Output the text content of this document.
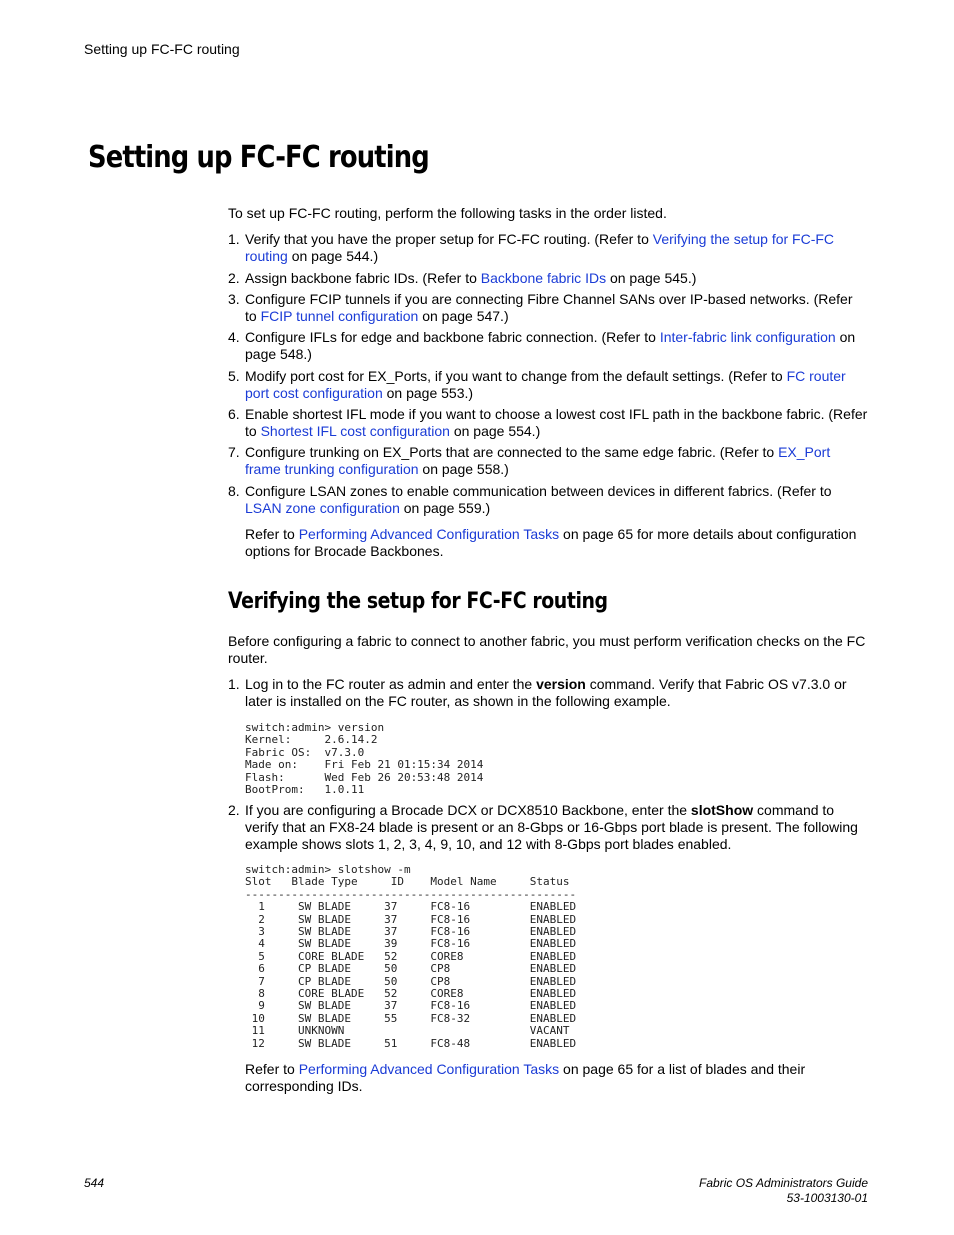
Setting up FC-FC routing
Setting up FC-FC routing
To set up FC-FC routing, perform the following tasks in the order listed.
1. Verify that you have the proper setup for FC-FC routing. (Refer to Verifying the setup for FC-FC routing on page 544.)
2. Assign backbone fabric IDs. (Refer to Backbone fabric IDs on page 545.)
3. Configure FCIP tunnels if you are connecting Fibre Channel SANs over IP-based networks. (Refer to FCIP tunnel configuration on page 547.)
4. Configure IFLs for edge and backbone fabric connection. (Refer to Inter-fabric link configuration on page 548.)
5. Modify port cost for EX_Ports, if you want to change from the default settings. (Refer to FC router port cost configuration on page 553.)
6. Enable shortest IFL mode if you want to choose a lowest cost IFL path in the backbone fabric. (Refer to Shortest IFL cost configuration on page 554.)
7. Configure trunking on EX_Ports that are connected to the same edge fabric. (Refer to EX_Port frame trunking configuration on page 558.)
8. Configure LSAN zones to enable communication between devices in different fabrics. (Refer to LSAN zone configuration on page 559.)
Refer to Performing Advanced Configuration Tasks on page 65 for more details about configuration options for Brocade Backbones.
Verifying the setup for FC-FC routing
Before configuring a fabric to connect to another fabric, you must perform verification checks on the FC router.
1. Log in to the FC router as admin and enter the version command. Verify that Fabric OS v7.3.0 or later is installed on the FC router, as shown in the following example.
switch:admin> version
Kernel:     2.6.14.2
Fabric OS:  v7.3.0
Made on:    Fri Feb 21 01:15:34 2014
Flash:      Wed Feb 26 20:53:48 2014
BootProm:   1.0.11
2. If you are configuring a Brocade DCX or DCX8510 Backbone, enter the slotShow command to verify that an FX8-24 blade is present or an 8-Gbps or 16-Gbps port blade is present. The following example shows slots 1, 2, 3, 4, 9, 10, and 12 with 8-Gbps port blades enabled.
switch:admin> slotshow -m
Slot   Blade Type     ID    Model Name     Status
--------------------------------------------------
1     SW BLADE     37     FC8-16         ENABLED
2     SW BLADE     37     FC8-16         ENABLED
3     SW BLADE     37     FC8-16         ENABLED
4     SW BLADE     39     FC8-16         ENABLED
5     CORE BLADE   52     CORE8          ENABLED
6     CP BLADE     50     CP8            ENABLED
7     CP BLADE     50     CP8            ENABLED
8     CORE BLADE   52     CORE8          ENABLED
9     SW BLADE     37     FC8-16         ENABLED
10     SW BLADE     55     FC8-32         ENABLED
11     UNKNOWN                            VACANT
12     SW BLADE     51     FC8-48         ENABLED
Refer to Performing Advanced Configuration Tasks on page 65 for a list of blades and their corresponding IDs.
544	Fabric OS Administrators Guide
53-1003130-01
